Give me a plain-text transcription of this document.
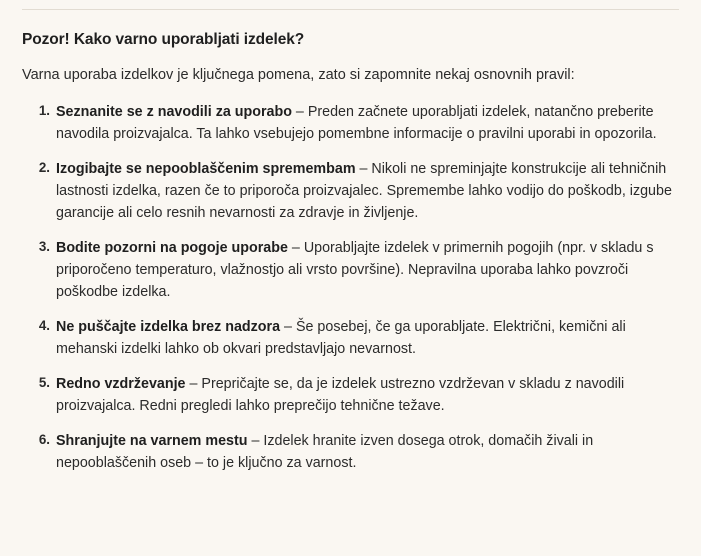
Pozor! Kako varno uporabljati izdelek?

Varna uporaba izdelkov je ključnega pomena, zato si zapomnite nekaj osnovnih pravil:

Seznanite se z navodili za uporabo – Preden začnete uporabljati izdelek, natančno preberite navodila proizvajalca. Ta lahko vsebujejo pomembne informacije o pravilni uporabi in opozorila.
Izogibajte se nepooblaščenim spremembam – Nikoli ne spreminjajte konstrukcije ali tehničnih lastnosti izdelka, razen če to priporoča proizvajalec. Spremembe lahko vodijo do poškodb, izgube garancije ali celo resnih nevarnosti za zdravje in življenje.
Bodite pozorni na pogoje uporabe – Uporabljajte izdelek v primernih pogojih (npr. v skladu s priporočeno temperaturo, vlažnostjo ali vrsto površine). Nepravilna uporaba lahko povzroči poškodbe izdelka.
Ne puščajte izdelka brez nadzora – Še posebej, če ga uporabljate. Električni, kemični ali mehanski izdelki lahko ob okvari predstavljajo nevarnost.
Redno vzdrževanje – Prepričajte se, da je izdelek ustrezno vzdrževan v skladu z navodili proizvajalca. Redni pregledi lahko preprečijo tehnične težave.
Shranjujte na varnem mestu – Izdelek hranite izven dosega otrok, domačih živali in nepooblaščenih oseb – to je ključno za varnost.
